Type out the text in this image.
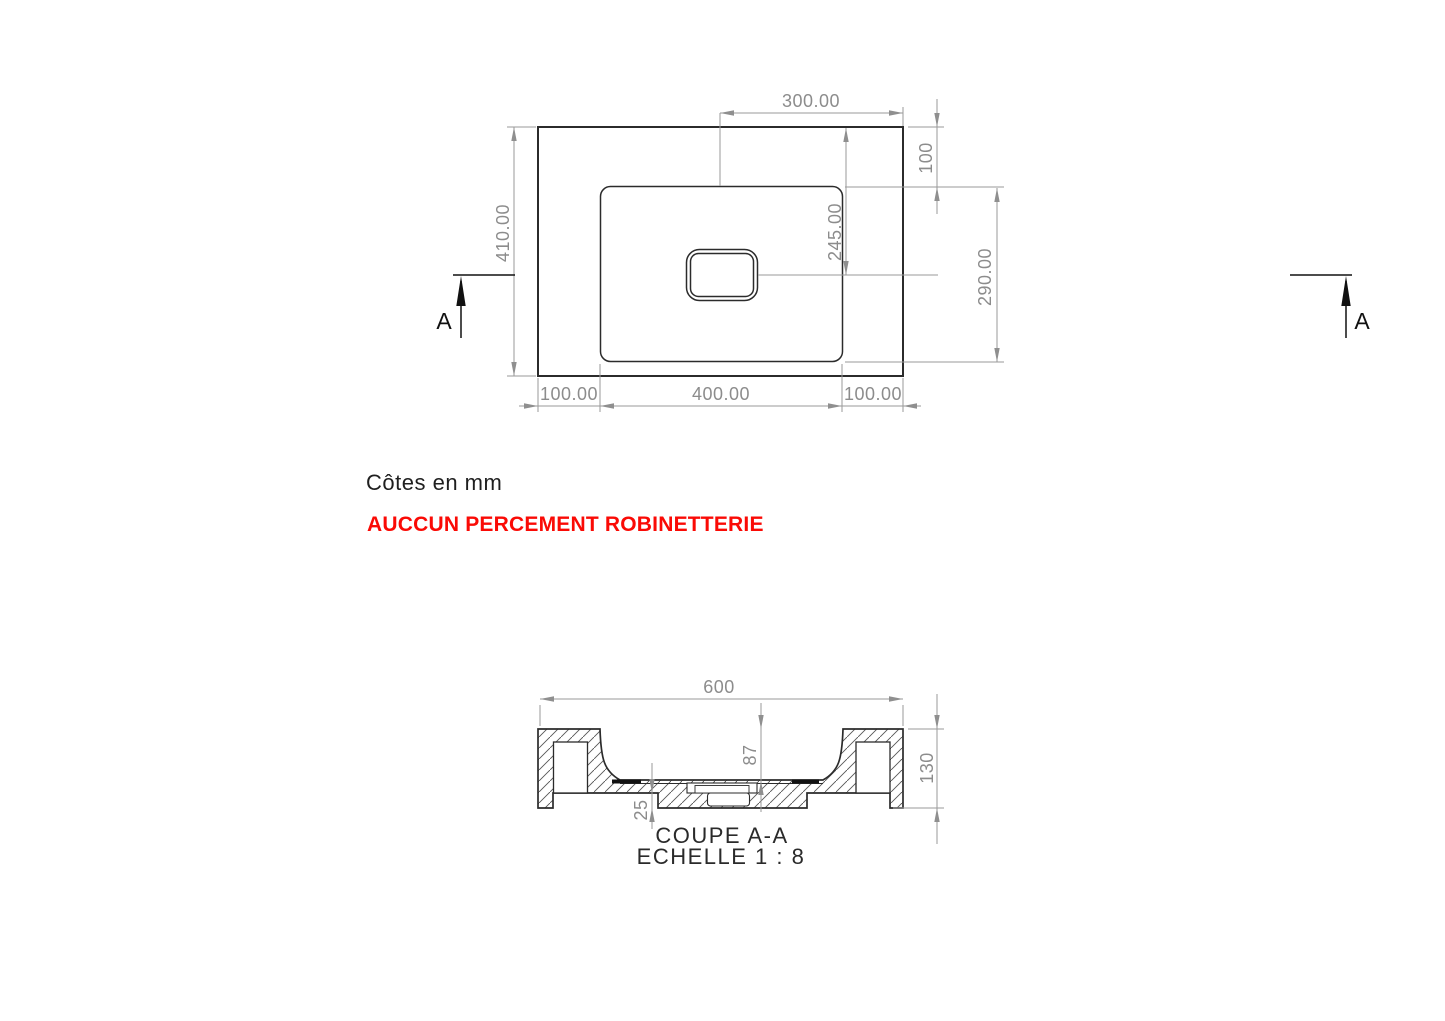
300.00
100
245.00
290.00
410.00
100.00	400.00	100.00
A	A
600
87	130
25
COUPE A-A
ECHELLE 1 : 8
Côtes en mm
AUCCUN PERCEMENT ROBINETTERIE
